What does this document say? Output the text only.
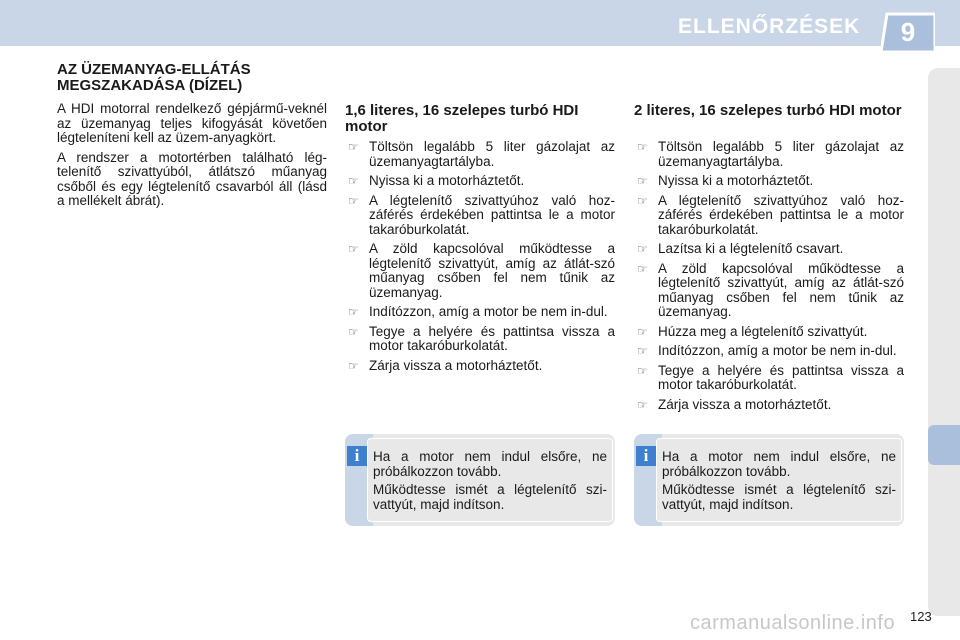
ELLENŐRZÉSEK	9
AZ ÜZEMANYAG-ELLÁTÁS MEGSZAKADÁSA (DÍZEL)

A HDI motorral rendelkező gépjármű-veknél az üzemanyag teljes kifogyását követően légteleníteni kell az üzem-anyagkört.

A rendszer a motortérben található lég-telenítő szivattyúból, átlátszó műanyag csőből és egy légtelenítő csavarból áll (lásd a mellékelt ábrát).

1,6 literes, 16 szelepes turbó HDI motor
☞ Töltsön legalább 5 liter gázolajat az üzemanyagtartályba.
☞ Nyissa ki a motorháztetőt.
☞ A légtelenítő szivattyúhoz való hoz-záférés érdekében pattintsa le a motor takaróburkolatát.
☞ A zöld kapcsolóval működtesse a légtelenítő szivattyút, amíg az átlát-szó műanyag csőben fel nem tűnik az üzemanyag.
☞ Indítózzon, amíg a motor be nem in-dul.
☞ Tegye a helyére és pattintsa vissza a motor takaróburkolatát.
☞ Zárja vissza a motorháztetőt.
i	Ha a motor nem indul elsőre, ne próbálkozzon tovább.

Működtesse ismét a légtelenítő szi-vattyút, majd indítson.

2 literes, 16 szelepes turbó HDI motor
☞ Töltsön legalább 5 liter gázolajat az üzemanyagtartályba.
☞ Nyissa ki a motorháztetőt.
☞ A légtelenítő szivattyúhoz való hoz-záférés érdekében pattintsa le a motor takaróburkolatát.
☞ Lazítsa ki a légtelenítő csavart.
☞ A zöld kapcsolóval működtesse a légtelenítő szivattyút, amíg az átlát-szó műanyag csőben fel nem tűnik az üzemanyag.
☞ Húzza meg a légtelenítő szivattyút.
☞ Indítózzon, amíg a motor be nem in-dul.
☞ Tegye a helyére és pattintsa vissza a motor takaróburkolatát.
☞ Zárja vissza a motorháztetőt.
i	Ha a motor nem indul elsőre, ne próbálkozzon tovább.

Működtesse ismét a légtelenítő szi-vattyút, majd indítson.

carmanualsonline.info 123
